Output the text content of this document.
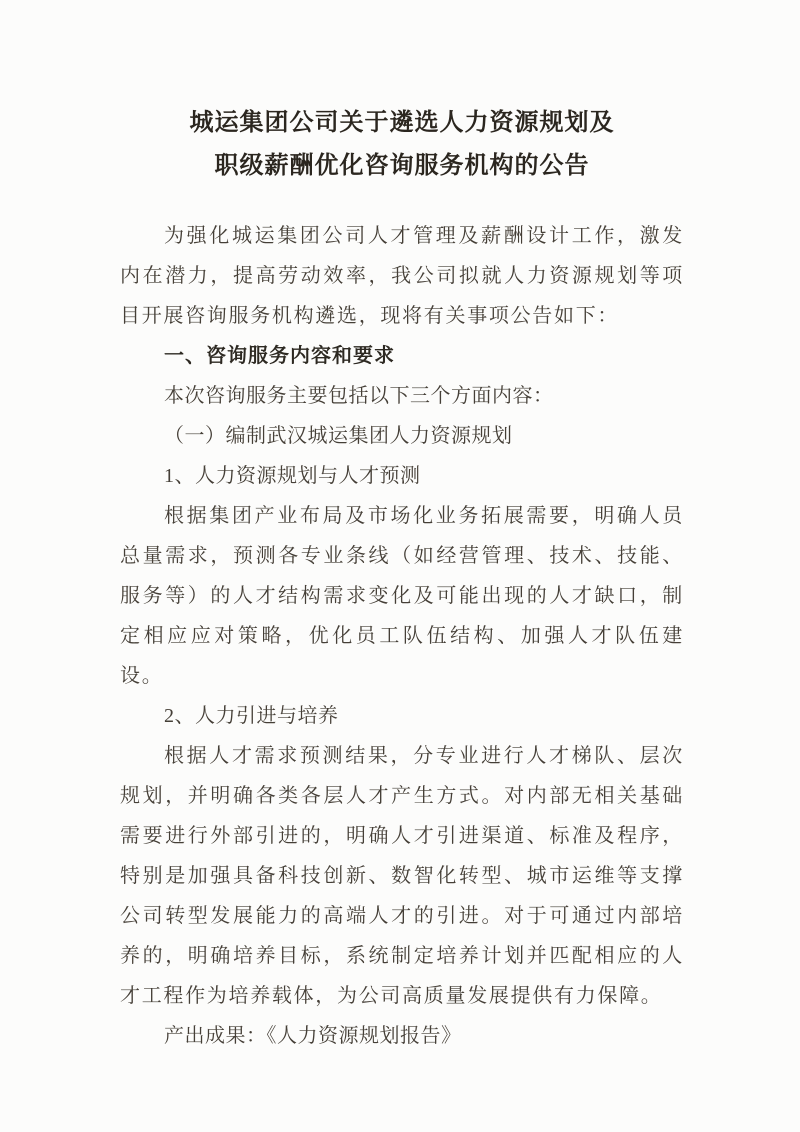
城运集团公司关于遴选人力资源规划及
职级薪酬优化咨询服务机构的公告

为强化城运集团公司人才管理及薪酬设计工作，激发内在潜力，提高劳动效率，我公司拟就人力资源规划等项目开展咨询服务机构遴选，现将有关事项公告如下：

一、咨询服务内容和要求

本次咨询服务主要包括以下三个方面内容：

（一）编制武汉城运集团人力资源规划

1、人力资源规划与人才预测

根据集团产业布局及市场化业务拓展需要，明确人员总量需求，预测各专业条线（如经营管理、技术、技能、服务等）的人才结构需求变化及可能出现的人才缺口，制定相应应对策略，优化员工队伍结构、加强人才队伍建设。

2、人力引进与培养

根据人才需求预测结果，分专业进行人才梯队、层次规划，并明确各类各层人才产生方式。对内部无相关基础需要进行外部引进的，明确人才引进渠道、标准及程序，特别是加强具备科技创新、数智化转型、城市运维等支撑公司转型发展能力的高端人才的引进。对于可通过内部培养的，明确培养目标，系统制定培养计划并匹配相应的人才工程作为培养载体，为公司高质量发展提供有力保障。

产出成果：《人力资源规划报告》
